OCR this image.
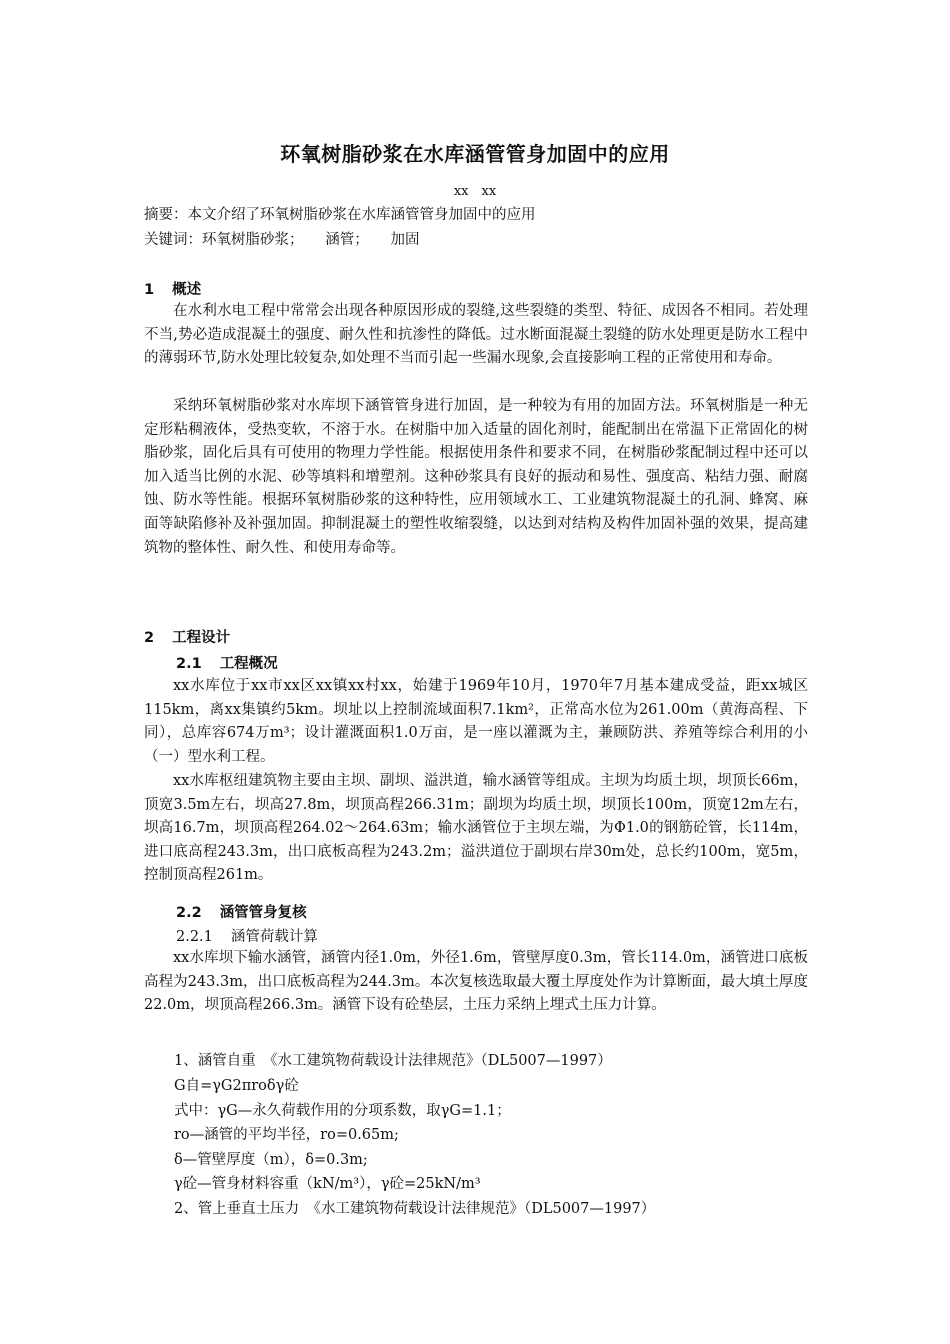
环氧树脂砂浆在水库涵管管身加固中的应用
xx　xx
摘要：本文介绍了环氧树脂砂浆在水库涵管管身加固中的应用
关键词：环氧树脂砂浆；　　涵管；　　加固
1 概述

在水利水电工程中常常会出现各种原因形成的裂缝,这些裂缝的类型、特征、成因各不相同。若处理不当,势必造成混凝土的强度、耐久性和抗渗性的降低。过水断面混凝土裂缝的防水处理更是防水工程中的薄弱环节,防水处理比较复杂,如处理不当而引起一些漏水现象,会直接影响工程的正常使用和寿命。

采纳环氧树脂砂浆对水库坝下涵管管身进行加固，是一种较为有用的加固方法。环氧树脂是一种无定形粘稠液体，受热变软，不溶于水。在树脂中加入适量的固化剂时，能配制出在常温下正常固化的树脂砂浆，固化后具有可使用的物理力学性能。根据使用条件和要求不同，在树脂砂浆配制过程中还可以加入适当比例的水泥、砂等填料和增塑剂。这种砂浆具有良好的振动和易性、强度高、粘结力强、耐腐蚀、防水等性能。根据环氧树脂砂浆的这种特性，应用领域水工、工业建筑物混凝土的孔洞、蜂窝、麻面等缺陷修补及补强加固。抑制混凝土的塑性收缩裂缝，以达到对结构及构件加固补强的效果，提高建筑物的整体性、耐久性、和使用寿命等。

2 工程设计
2.1 工程概况

xx水库位于xx市xx区xx镇xx村xx，始建于1969年10月，1970年7月基本建成受益，距xx城区115km，离xx集镇约5km。坝址以上控制流域面积7.1km²，正常高水位为261.00m（黄海高程、下同），总库容674万m³；设计灌溉面积1.0万亩，是一座以灌溉为主，兼顾防洪、养殖等综合利用的小（一）型水利工程。

xx水库枢纽建筑物主要由主坝、副坝、溢洪道，输水涵管等组成。主坝为均质土坝，坝顶长66m，顶宽3.5m左右，坝高27.8m，坝顶高程266.31m；副坝为均质土坝，坝顶长100m，顶宽12m左右，坝高16.7m，坝顶高程264.02～264.63m；输水涵管位于主坝左端，为Φ1.0的钢筋砼管，长114m，进口底高程243.3m，出口底板高程为243.2m；溢洪道位于副坝右岸30m处，总长约100m，宽5m，控制顶高程261m。

2.2 涵管管身复核
2.2.1 涵管荷载计算

xx水库坝下输水涵管，涵管内径1.0m，外径1.6m，管壁厚度0.3m，管长114.0m，涵管进口底板高程为243.3m，出口底板高程为244.3m。本次复核选取最大覆土厚度处作为计算断面，最大填土厚度22.0m，坝顶高程266.3m。涵管下设有砼垫层，土压力采纳上埋式土压力计算。

1、涵管自重　《水工建筑物荷载设计法律规范》（DL5007—1997）
G自=γG2πroδγ砼
式中：γG—永久荷载作用的分项系数，取γG=1.1；
ro—涵管的平均半径，ro=0.65m;
δ—管壁厚度（m），δ=0.3m;
γ砼—管身材料容重（kN/m³），γ砼=25kN/m³
2、管上垂直土压力　《水工建筑物荷载设计法律规范》（DL5007—1997）
